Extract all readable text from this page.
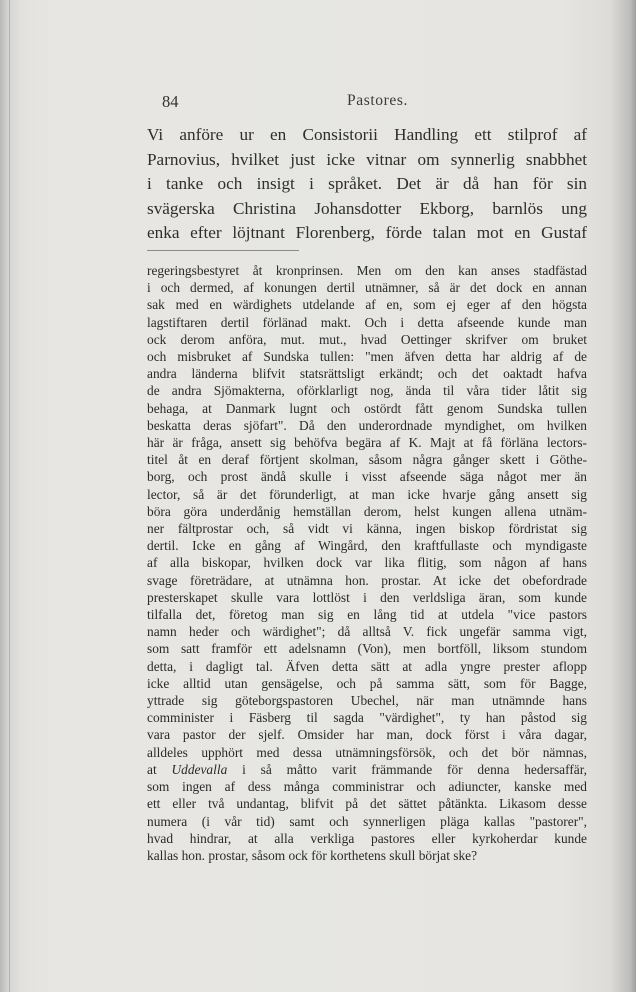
84	Pastores.
Vi anföre ur en Consistorii Handling ett stilprof af
Parnovius, hvilket just icke vitnar om synnerlig snabbhet
i tanke och insigt i språket. Det är då han för sin
svägerska Christina Johansdotter Ekborg, barnlös ung
enka efter löjtnant Florenberg, förde talan mot en Gustaf
regeringsbestyret åt kronprinsen. Men om den kan anses stadfästad
i och dermed, af konungen dertil utnämner, så är det dock en annan
sak med en wärdighets utdelande af en, som ej eger af den högsta
lagstiftaren dertil förlänad makt. Och i detta afseende kunde man
ock derom anföra, mut. mut., hvad Oettinger skrifver om bruket
och misbruket af Sundska tullen: "men äfven detta har aldrig af de
andra länderna blifvit statsrättsligt erkändt; och det oaktadt hafva
de andra Sjömakterna, oförklarligt nog, ända til våra tider låtit sig
behaga, at Danmark lugnt och ostördt fått genom Sundska tullen
beskatta deras sjöfart". Då den underordnade myndighet, om hvilken
här är fråga, ansett sig behöfva begära af K. Majt at få förläna lectors-
titel åt en deraf förtjent skolman, såsom några gånger skett i Göthe-
borg, och prost ändå skulle i visst afseende säga något mer än
lector, så är det förunderligt, at man icke hvarje gång ansett sig
böra göra underdånig hemställan derom, helst kungen allena utnäm-
ner fältprostar och, så vidt vi känna, ingen biskop fördristat sig
dertil. Icke en gång af Wingård, den kraftfullaste och myndigaste
af alla biskopar, hvilken dock var lika flitig, som någon af hans
svage företrädare, at utnämna hon. prostar. At icke det obefordrade
presterskapet skulle vara lottlöst i den verldsliga äran, som kunde
tilfalla det, företog man sig en lång tid at utdela "vice pastors
namn heder och wärdighet"; då alltså V. fick ungefär samma vigt,
som satt framför ett adelsnamn (Von), men bortföll, liksom stundom
detta, i dagligt tal. Äfven detta sätt at adla yngre prester aflopp
icke alltid utan gensägelse, och på samma sätt, som för Bagge,
yttrade sig göteborgspastoren Ubechel, när man utnämnde hans
comminister i Fäsberg til sagda "värdighet", ty han påstod sig
vara pastor der sjelf. Omsider har man, dock först i våra dagar,
alldeles upphört med dessa utnämningsförsök, och det bör nämnas,
at Uddevalla i så måtto varit främmande för denna hedersaffär,
som ingen af dess många comministrar och adiuncter, kanske med
ett eller två undantag, blifvit på det sättet påtänkta. Likasom desse
numera (i vår tid) samt och synnerligen pläga kallas "pastorer",
hvad hindrar, at alla verkliga pastores eller kyrkoherdar kunde
kallas hon. prostar, såsom ock för korthetens skull börjat ske?
